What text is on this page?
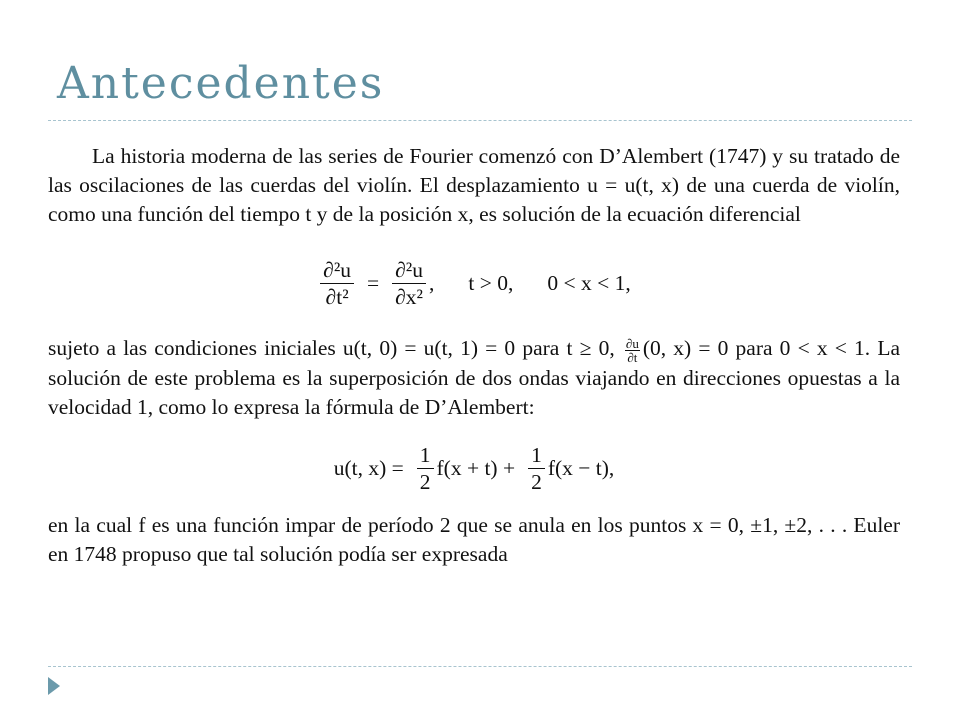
Antecedentes

La historia moderna de las series de Fourier comenzó con D’Alembert (1747) y su tratado de las oscilaciones de las cuerdas del violín. El desplazamiento u = u(t, x) de una cuerda de violín, como una función del tiempo t y de la posición x, es solución de la ecuación diferencial

$\frac{\text{∂²u}}{\text{∂t²}} = \frac{\text{∂²u}}{\text{∂x²}}$ , t > 0, 0 < x < 1,

sujeto a las condiciones iniciales u(t, 0) = u(t, 1) = 0 para t ≥ 0, $\frac{\partial u}{\partial t} (0$, x) = 0 para 0 < x < 1. La solución de este problema es la superposición de dos ondas viajando en direcciones opuestas a la velocidad 1, como lo expresa la fórmula de D’Alembert:

u(t, $x) = \frac{1}{2} f(x + t) + \frac{1}{2} f(x - t)$,

en la cual f es una función impar de período 2 que se anula en los puntos x = 0, ±1, ±2, . . . Euler en 1748 propuso que tal solución podía ser expresada
